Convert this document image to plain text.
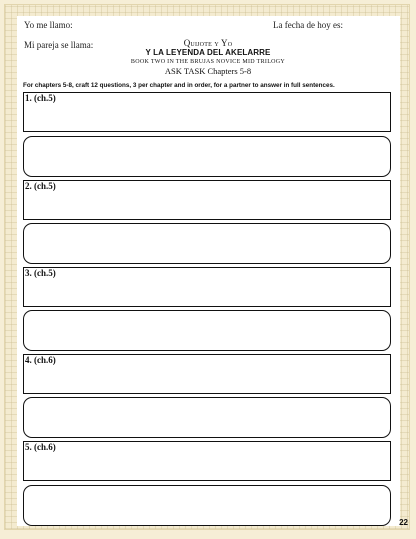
Yo me llamo:	La fecha de hoy es:
Mi pareja se llama:	Quijote y Yo
Y LA LEYENDA DEL AKELARRE
BOOK TWO IN THE BRUJAS NOVICE MID TRILOGY
ASK TASK Chapters 5-8
For chapters 5-8, craft 12 questions, 3 per chapter and in order, for a partner to answer in full sentences.
1. (ch.5)
2. (ch.5)
3. (ch.5)
4. (ch.6)
5. (ch.6)
22
